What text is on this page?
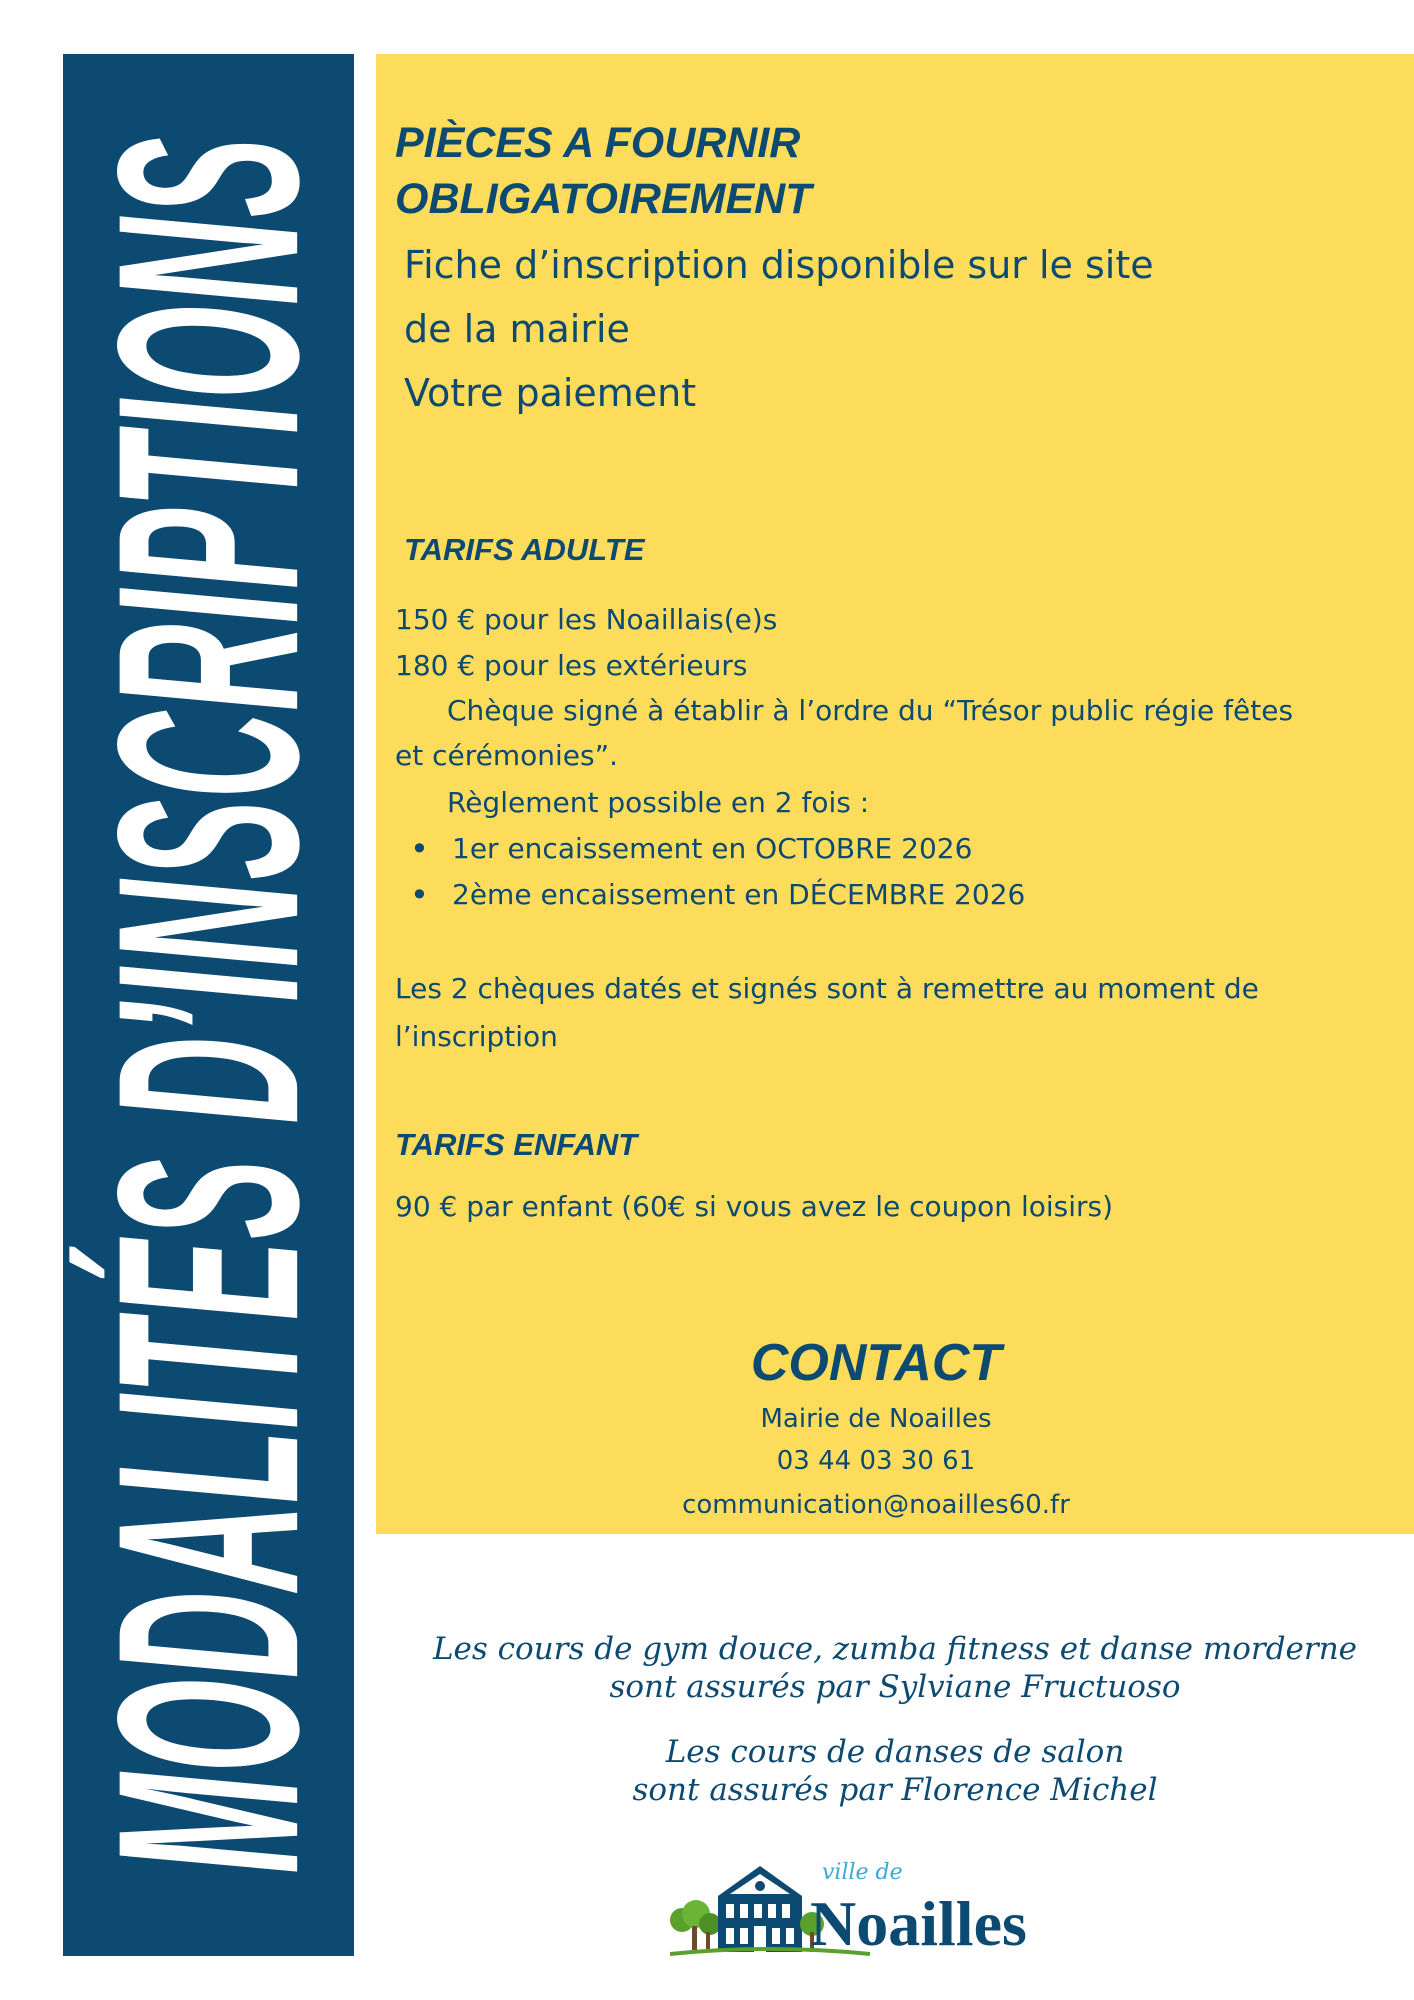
MODALITÉS D’INSCRIPTIONS PIÈCES A FOURNIR
OBLIGATOIREMENT
Fiche d’inscription disponible sur le site
de la mairie
Votre paiement
TARIFS ADULTE
150 € pour les Noaillais(e)s
180 € pour les extérieurs
Chèque signé à établir à l’ordre du “Trésor public régie fêtes
et cérémonies”.
Règlement possible en 2 fois :
• 1er encaissement en OCTOBRE 2026
• 2ème encaissement en DÉCEMBRE 2026
Les 2 chèques datés et signés sont à remettre au moment de
l’inscription
TARIFS ENFANT
90 € par enfant (60€ si vous avez le coupon loisirs)
CONTACT
Mairie de Noailles
03 44 03 30 61
communication@noailles60.fr
Les cours de gym douce, zumba fitness et danse morderne
sont assurés par Sylviane Fructuoso
Les cours de danses de salon
sont assurés par Florence Michel
ville de
Noailles
